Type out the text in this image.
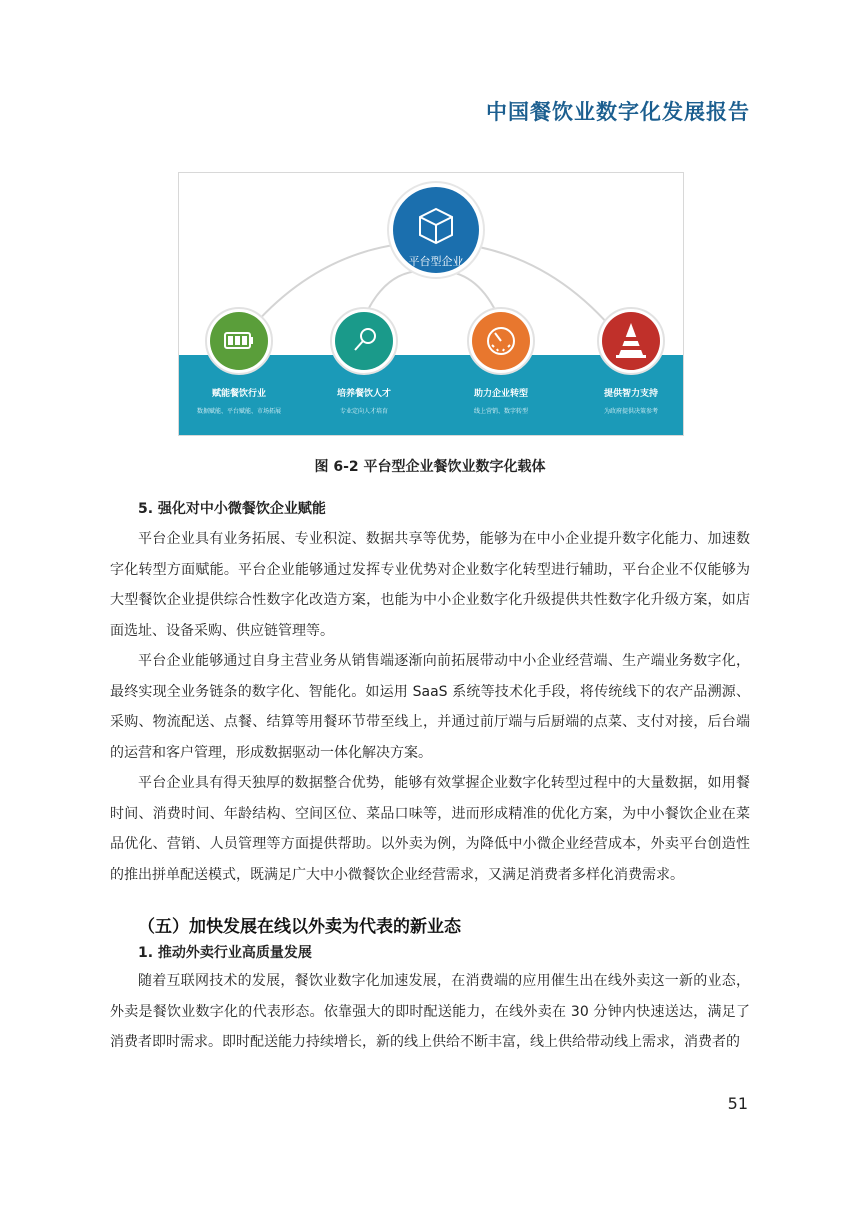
中国餐饮业数字化发展报告
平台型企业
赋能餐饮行业
数据赋能、平台赋能、市场拓展
培养餐饮人才
专业定向人才培育
助力企业转型
线上营销、数字转型
提供智力支持
为政府提供决策参考
图 6-2 平台型企业餐饮业数字化载体
5. 强化对中小微餐饮企业赋能

平台企业具有业务拓展、专业积淀、数据共享等优势，能够为在中小企业提升数字化能力、加速数字化转型方面赋能。平台企业能够通过发挥专业优势对企业数字化转型进行辅助，平台企业不仅能够为大型餐饮企业提供综合性数字化改造方案，也能为中小企业数字化升级提供共性数字化升级方案，如店面选址、设备采购、供应链管理等。

平台企业能够通过自身主营业务从销售端逐渐向前拓展带动中小企业经营端、生产端业务数字化，最终实现全业务链条的数字化、智能化。如运用 SaaS 系统等技术化手段，将传统线下的农产品溯源、采购、物流配送、点餐、结算等用餐环节带至线上，并通过前厅端与后厨端的点菜、支付对接，后台端的运营和客户管理，形成数据驱动一体化解决方案。

平台企业具有得天独厚的数据整合优势，能够有效掌握企业数字化转型过程中的大量数据，如用餐时间、消费时间、年龄结构、空间区位、菜品口味等，进而形成精准的优化方案，为中小餐饮企业在菜品优化、营销、人员管理等方面提供帮助。以外卖为例，为降低中小微企业经营成本，外卖平台创造性的推出拼单配送模式，既满足广大中小微餐饮企业经营需求，又满足消费者多样化消费需求。

（五）加快发展在线以外卖为代表的新业态
1. 推动外卖行业高质量发展

随着互联网技术的发展，餐饮业数字化加速发展，在消费端的应用催生出在线外卖这一新的业态，外卖是餐饮业数字化的代表形态。依靠强大的即时配送能力，在线外卖在 30 分钟内快速送达，满足了消费者即时需求。即时配送能力持续增长，新的线上供给不断丰富，线上供给带动线上需求，消费者的

51
